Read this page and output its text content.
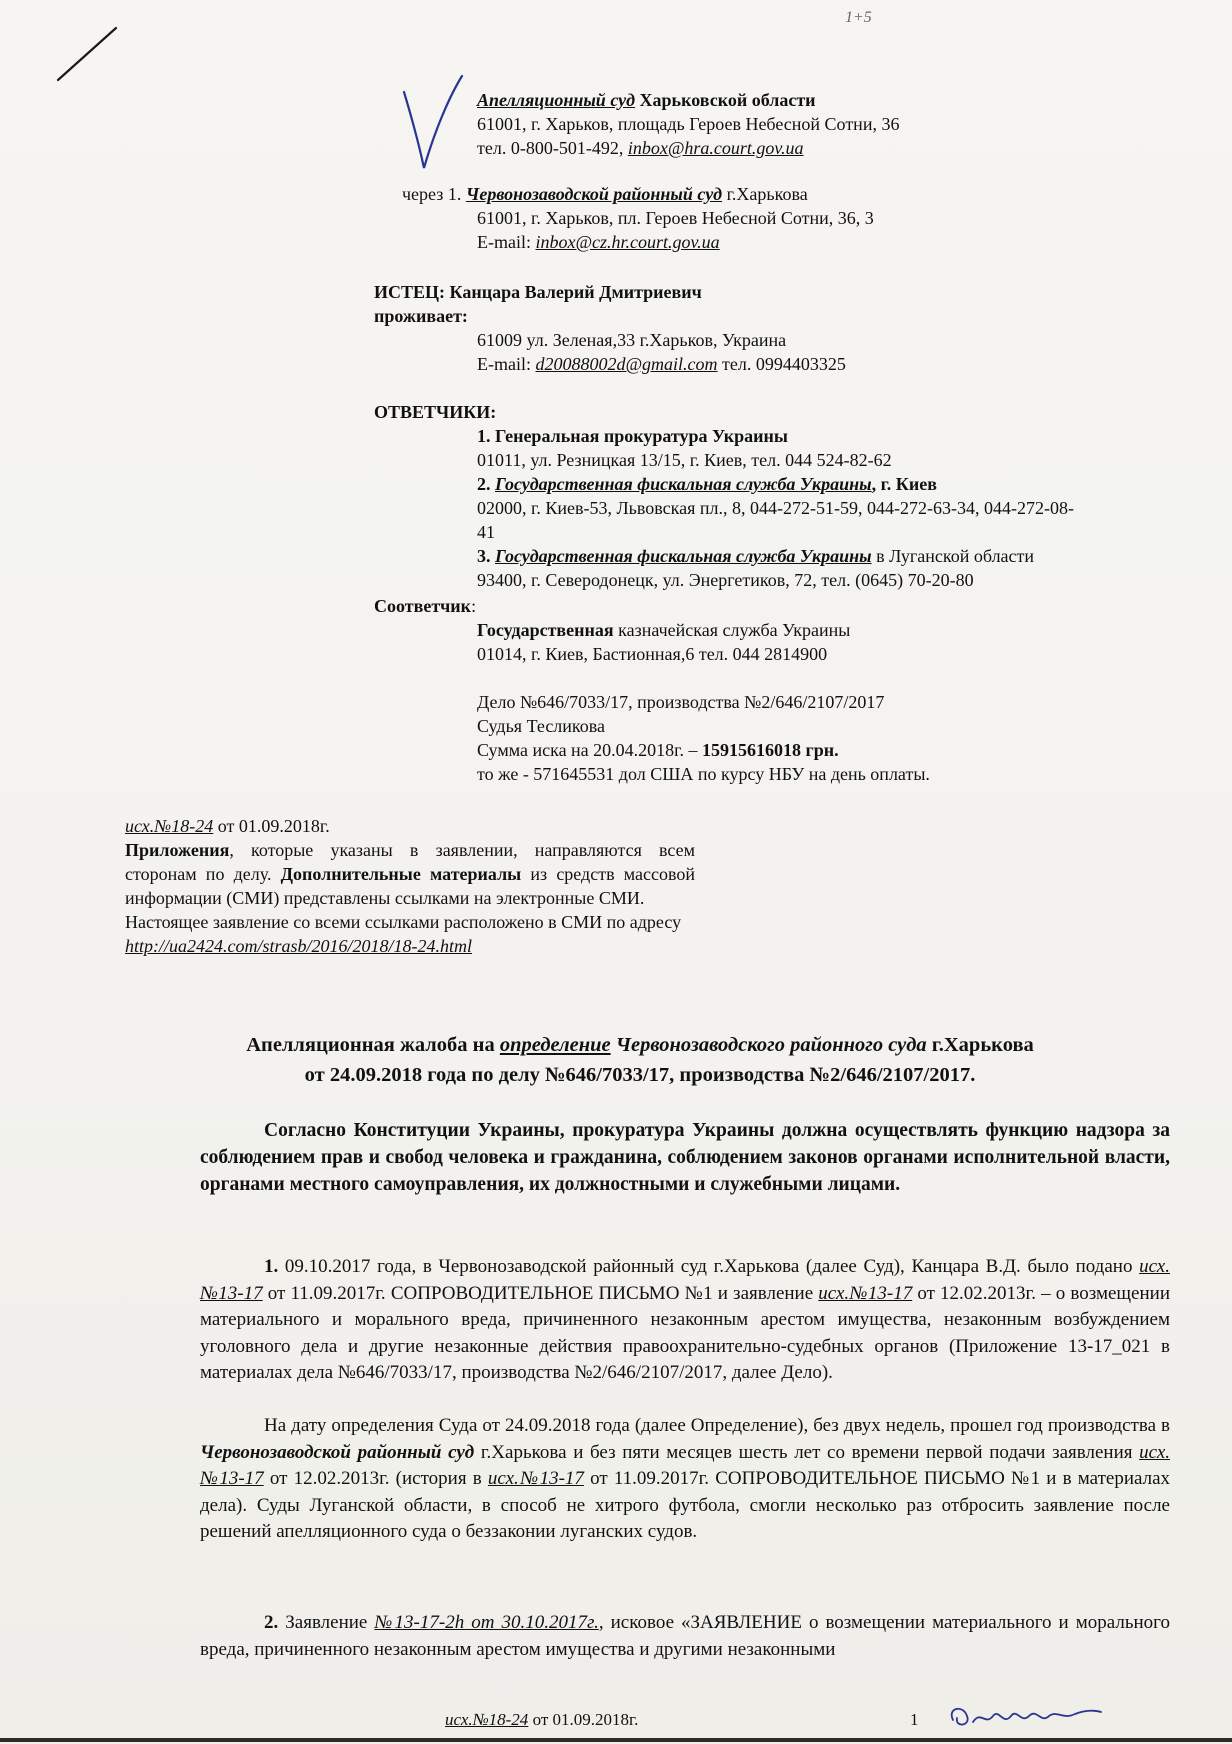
1+5
Апелляционный суд Харьковской области
61001, г. Харьков, площадь Героев Небесной Сотни, 36
тел. 0-800-501-492, inbox@hra.court.gov.ua
через 1. Червонозаводской районный суд г.Харькова
61001, г. Харьков, пл. Героев Небесной Сотни, 36, 3
E-mail: inbox@cz.hr.court.gov.ua
ИСТЕЦ: Канцара Валерий Дмитриевич
проживает:
61009 ул. Зеленая,33 г.Харьков, Украина
E-mail: d20088002d@gmail.com тел. 0994403325
ОТВЕТЧИКИ:
1. Генеральная прокуратура Украины
01011, ул. Резницкая 13/15, г. Киев, тел. 044 524-82-62
2. Государственная фискальная служба Украины, г. Киев
02000, г. Киев-53, Львовская пл., 8, 044-272-51-59, 044-272-63-34, 044-272-08-
41
3. Государственная фискальная служба Украины в Луганской области
93400, г. Северодонецк, ул. Энергетиков, 72, тел. (0645) 70-20-80
Соответчик:
Государственная казначейская служба Украины
01014, г. Киев, Бастионная,6 тел. 044 2814900
Дело №646/7033/17, производства №2/646/2107/2017
Судья Тесликова
Сумма иска на 20.04.2018г. – 15915616018 грн.
то же - 571645531 дол США по курсу НБУ на день оплаты.
исх.№18-24 от 01.09.2018г.
Приложения, которые указаны в заявлении, направляются всем сторонам по делу. Дополнительные материалы из средств массовой информации (СМИ) представлены ссылками на электронные СМИ.
Настоящее заявление со всеми ссылками расположено в СМИ по адресу
http://ua2424.com/strasb/2016/2018/18-24.html
Апелляционная жалоба на определение Червонозаводского районного суда г.Харькова
от 24.09.2018 года по делу №646/7033/17, производства №2/646/2107/2017.
Согласно Конституции Украины, прокуратура Украины должна осуществлять функцию надзора за соблюдением прав и свобод человека и гражданина, соблюдением законов органами исполнительной власти, органами местного самоуправления, их должностными и служебными лицами.
1. 09.10.2017 года, в Червонозаводской районный суд г.Харькова (далее Суд), Канцара В.Д. было подано исх.№13-17 от 11.09.2017г. СОПРОВОДИТЕЛЬНОЕ ПИСЬМО №1 и заявление исх.№13-17 от 12.02.2013г. – о возмещении материального и морального вреда, причиненного незаконным арестом имущества, незаконным возбуждением уголовного дела и другие незаконные действия правоохранительно-судебных органов (Приложение 13-17_021 в материалах дела №646/7033/17, производства №2/646/2107/2017, далее Дело).
На дату определения Суда от 24.09.2018 года (далее Определение), без двух недель, прошел год производства в Червонозаводской районный суд г.Харькова и без пяти месяцев шесть лет со времени первой подачи заявления исх.№13-17 от 12.02.2013г. (история в исх.№13-17 от 11.09.2017г. СОПРОВОДИТЕЛЬНОЕ ПИСЬМО №1 и в материалах дела). Суды Луганской области, в способ не хитрого футбола, смогли несколько раз отбросить заявление после решений апелляционного суда о беззаконии луганских судов.
2. Заявление №13-17-2h от 30.10.2017г., исковое «ЗАЯВЛЕНИЕ о возмещении материального и морального вреда, причиненного незаконным арестом имущества и другими незаконными
исх.№18-24 от 01.09.2018г.	1
